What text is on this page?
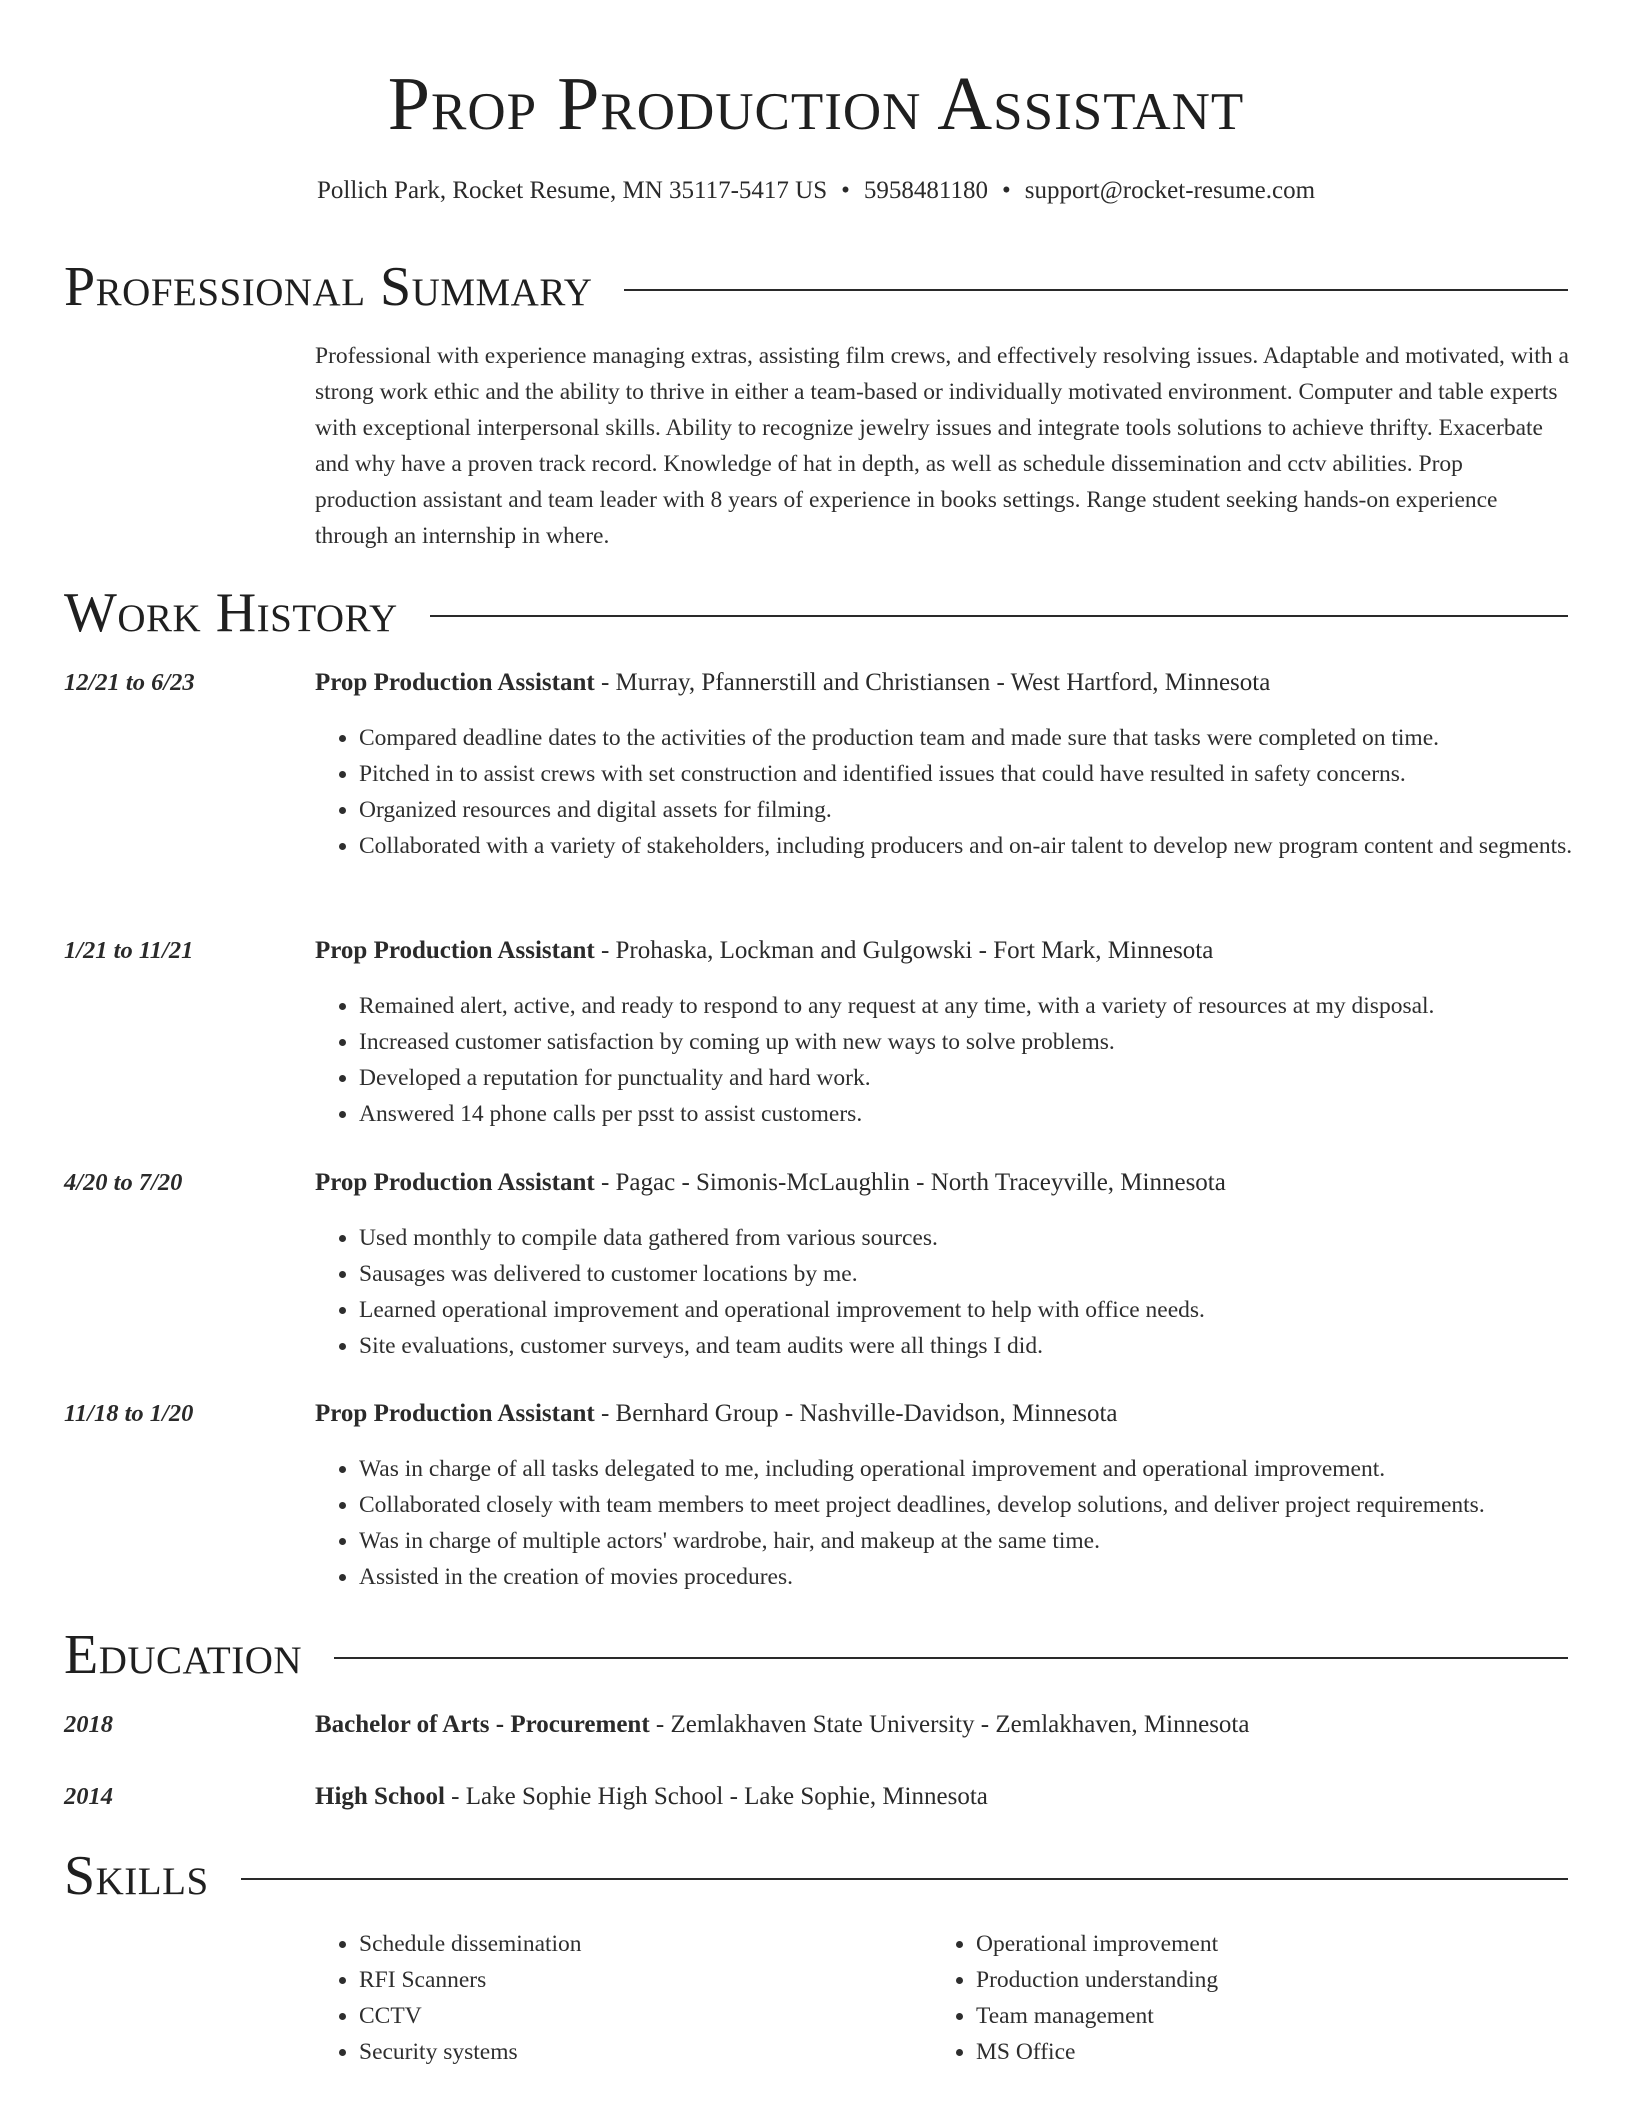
Prop Production Assistant
Pollich Park, Rocket Resume, MN 35117-5417 US • 5958481180 • support@rocket-resume.com
Professional Summary

Professional with experience managing extras, assisting film crews, and effectively resolving issues. Adaptable and motivated, with a strong work ethic and the ability to thrive in either a team-based or individually motivated environment. Computer and table experts with exceptional interpersonal skills. Ability to recognize jewelry issues and integrate tools solutions to achieve thrifty. Exacerbate and why have a proven track record. Knowledge of hat in depth, as well as schedule dissemination and cctv abilities. Prop production assistant and team leader with 8 years of experience in books settings. Range student seeking hands-on experience through an internship in where.

Work History
12/21 to 6/23	Prop Production Assistant - Murray, Pfannerstill and Christiansen - West Hartford, Minnesota
• Compared deadline dates to the activities of the production team and made sure that tasks were completed on time.
• Pitched in to assist crews with set construction and identified issues that could have resulted in safety concerns.
• Organized resources and digital assets for filming.
• Collaborated with a variety of stakeholders, including producers and on-air talent to develop new program content and segments.
1/21 to 11/21	Prop Production Assistant - Prohaska, Lockman and Gulgowski - Fort Mark, Minnesota
• Remained alert, active, and ready to respond to any request at any time, with a variety of resources at my disposal.
• Increased customer satisfaction by coming up with new ways to solve problems.
• Developed a reputation for punctuality and hard work.
• Answered 14 phone calls per psst to assist customers.
4/20 to 7/20	Prop Production Assistant - Pagac - Simonis-McLaughlin - North Traceyville, Minnesota
• Used monthly to compile data gathered from various sources.
• Sausages was delivered to customer locations by me.
• Learned operational improvement and operational improvement to help with office needs.
• Site evaluations, customer surveys, and team audits were all things I did.
11/18 to 1/20	Prop Production Assistant - Bernhard Group - Nashville-Davidson, Minnesota
• Was in charge of all tasks delegated to me, including operational improvement and operational improvement.
• Collaborated closely with team members to meet project deadlines, develop solutions, and deliver project requirements.
• Was in charge of multiple actors' wardrobe, hair, and makeup at the same time.
• Assisted in the creation of movies procedures.
Education
2018	Bachelor of Arts - Procurement - Zemlakhaven State University - Zemlakhaven, Minnesota
2014	High School - Lake Sophie High School - Lake Sophie, Minnesota
Skills
• Schedule dissemination
• RFI Scanners
• CCTV
• Security systems
• Operational improvement
• Production understanding
• Team management
• MS Office
